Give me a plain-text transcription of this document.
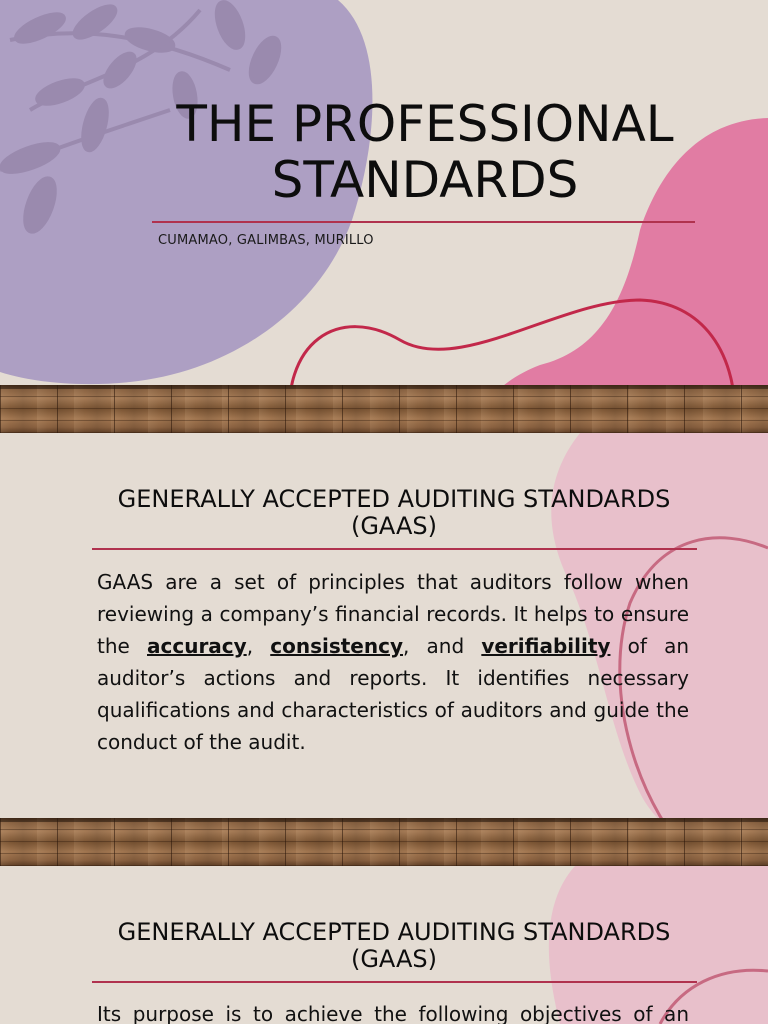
THE PROFESSIONAL
STANDARDS
CUMAMAO, GALIMBAS, MURILLO
GENERALLY ACCEPTED AUDITING STANDARDS
(GAAS)

GAAS are a set of principles that auditors follow when reviewing a company’s financial records. It helps to ensure the accuracy, consistency, and verifiability of an auditor’s actions and reports. It identifies necessary qualifications and characteristics of auditors and guide the conduct of the audit.

GENERALLY ACCEPTED AUDITING STANDARDS
(GAAS)

Its purpose is to achieve the following objectives of an
